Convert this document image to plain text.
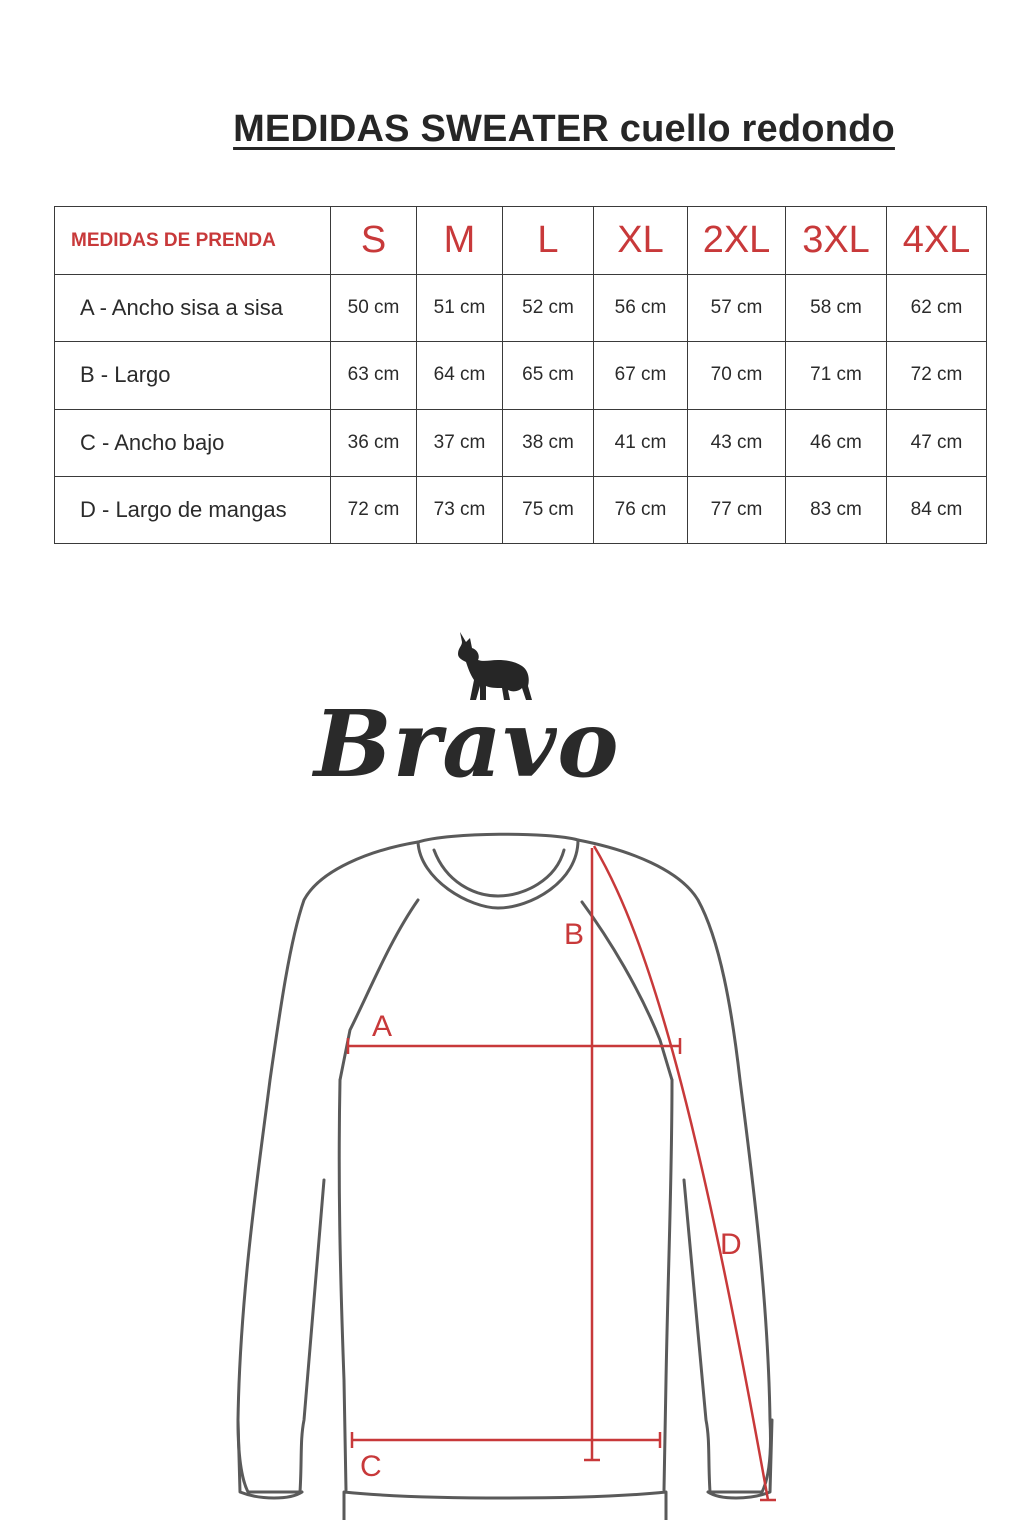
MEDIDAS SWEATER cuello redondo
MEDIDAS DE PRENDA	S	M	L	XL	2XL	3XL	4XL
A - Ancho sisa a sisa	50 cm	51 cm	52 cm	56 cm	57 cm	58 cm	62 cm
B - Largo	63 cm	64 cm	65 cm	67 cm	70 cm	71 cm	72 cm
C - Ancho bajo	36 cm	37 cm	38 cm	41 cm	43 cm	46 cm	47 cm
D - Largo de mangas	72 cm	73 cm	75 cm	76 cm	77 cm	83 cm	84 cm
Bravo
A
B
C
D
